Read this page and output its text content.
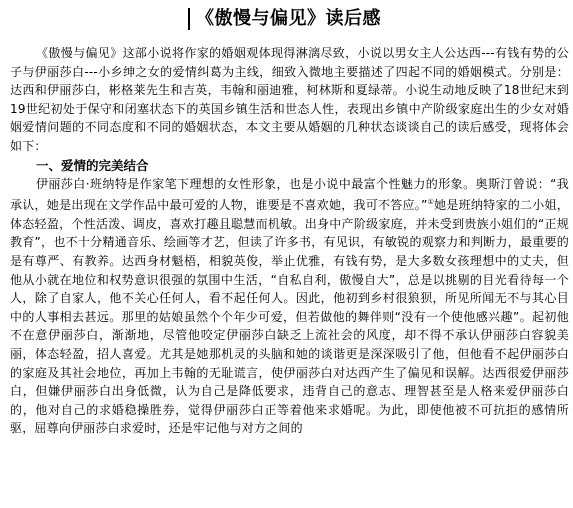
《傲慢与偏见》读后感

《傲慢与偏见》这部小说将作家的婚姻观体现得淋漓尽致，小说以男女主人公达西---有钱有势的公子与伊丽莎白---小乡绅之女的爱情纠葛为主线，细致入微地主要描述了四起不同的婚姻模式。分别是：达西和伊丽莎白，彬格莱先生和吉英，韦翰和丽迪雅，柯林斯和夏绿蒂。小说生动地反映了18世纪末到19世纪初处于保守和闭塞状态下的英国乡镇生活和世态人性，表现出乡镇中产阶级家庭出生的少女对婚姻爱情问题的不同态度和不同的婚姻状态，本文主要从婚姻的几种状态谈谈自己的读后感受，现将体会如下：

一、爱情的完美结合

伊丽莎白·班纳特是作家笔下理想的女性形象，也是小说中最富个性魅力的形象。奥斯汀曾说：“我承认，她是出现在文学作品中最可爱的人物，谁要是不喜欢她，我可不答应。”①她是班纳特家的二小姐，体态轻盈，个性活泼、调皮，喜欢打趣且聪慧而机敏。出身中产阶级家庭，并未受到贵族小姐们的“正规教育”，也不十分精通音乐、绘画等才艺，但读了许多书，有见识，有敏锐的观察力和判断力，最重要的是有尊严、有教养。达西身材魁梧，相貌英俊，举止优雅，有钱有势，是大多数女孩理想中的丈夫，但他从小就在地位和权势意识很强的氛围中生活，“自私自利，傲慢自大”，总是以挑剔的目光看待每一个人，除了自家人，他不关心任何人，看不起任何人。因此，他初到乡村很狼狈，所见所闻无不与其心目中的人事相去甚远。那里的姑娘虽然个个年少可爱，但若做他的舞伴则“没有一个使他感兴趣”。起初他不在意伊丽莎白，渐渐地，尽管他咬定伊丽莎白缺乏上流社会的风度，却不得不承认伊丽莎白容貌美丽，体态轻盈，招人喜爱。尤其是她那机灵的头脑和她的谈谐更是深深吸引了他，但他看不起伊丽莎白的家庭及其社会地位，再加上韦翰的无耻谎言，使伊丽莎白对达西产生了偏见和误解。达西很爱伊丽莎白，但嫌伊丽莎白出身低微，认为自己是降低要求，违背自己的意志、理智甚至是人格来爱伊丽莎白的，他对自己的求婚稳操胜券，觉得伊丽莎白正等着他来求婚呢。为此，即使他被不可抗拒的感情所驱，屈尊向伊丽莎白求爱时，还是牢记他与对方之间的
